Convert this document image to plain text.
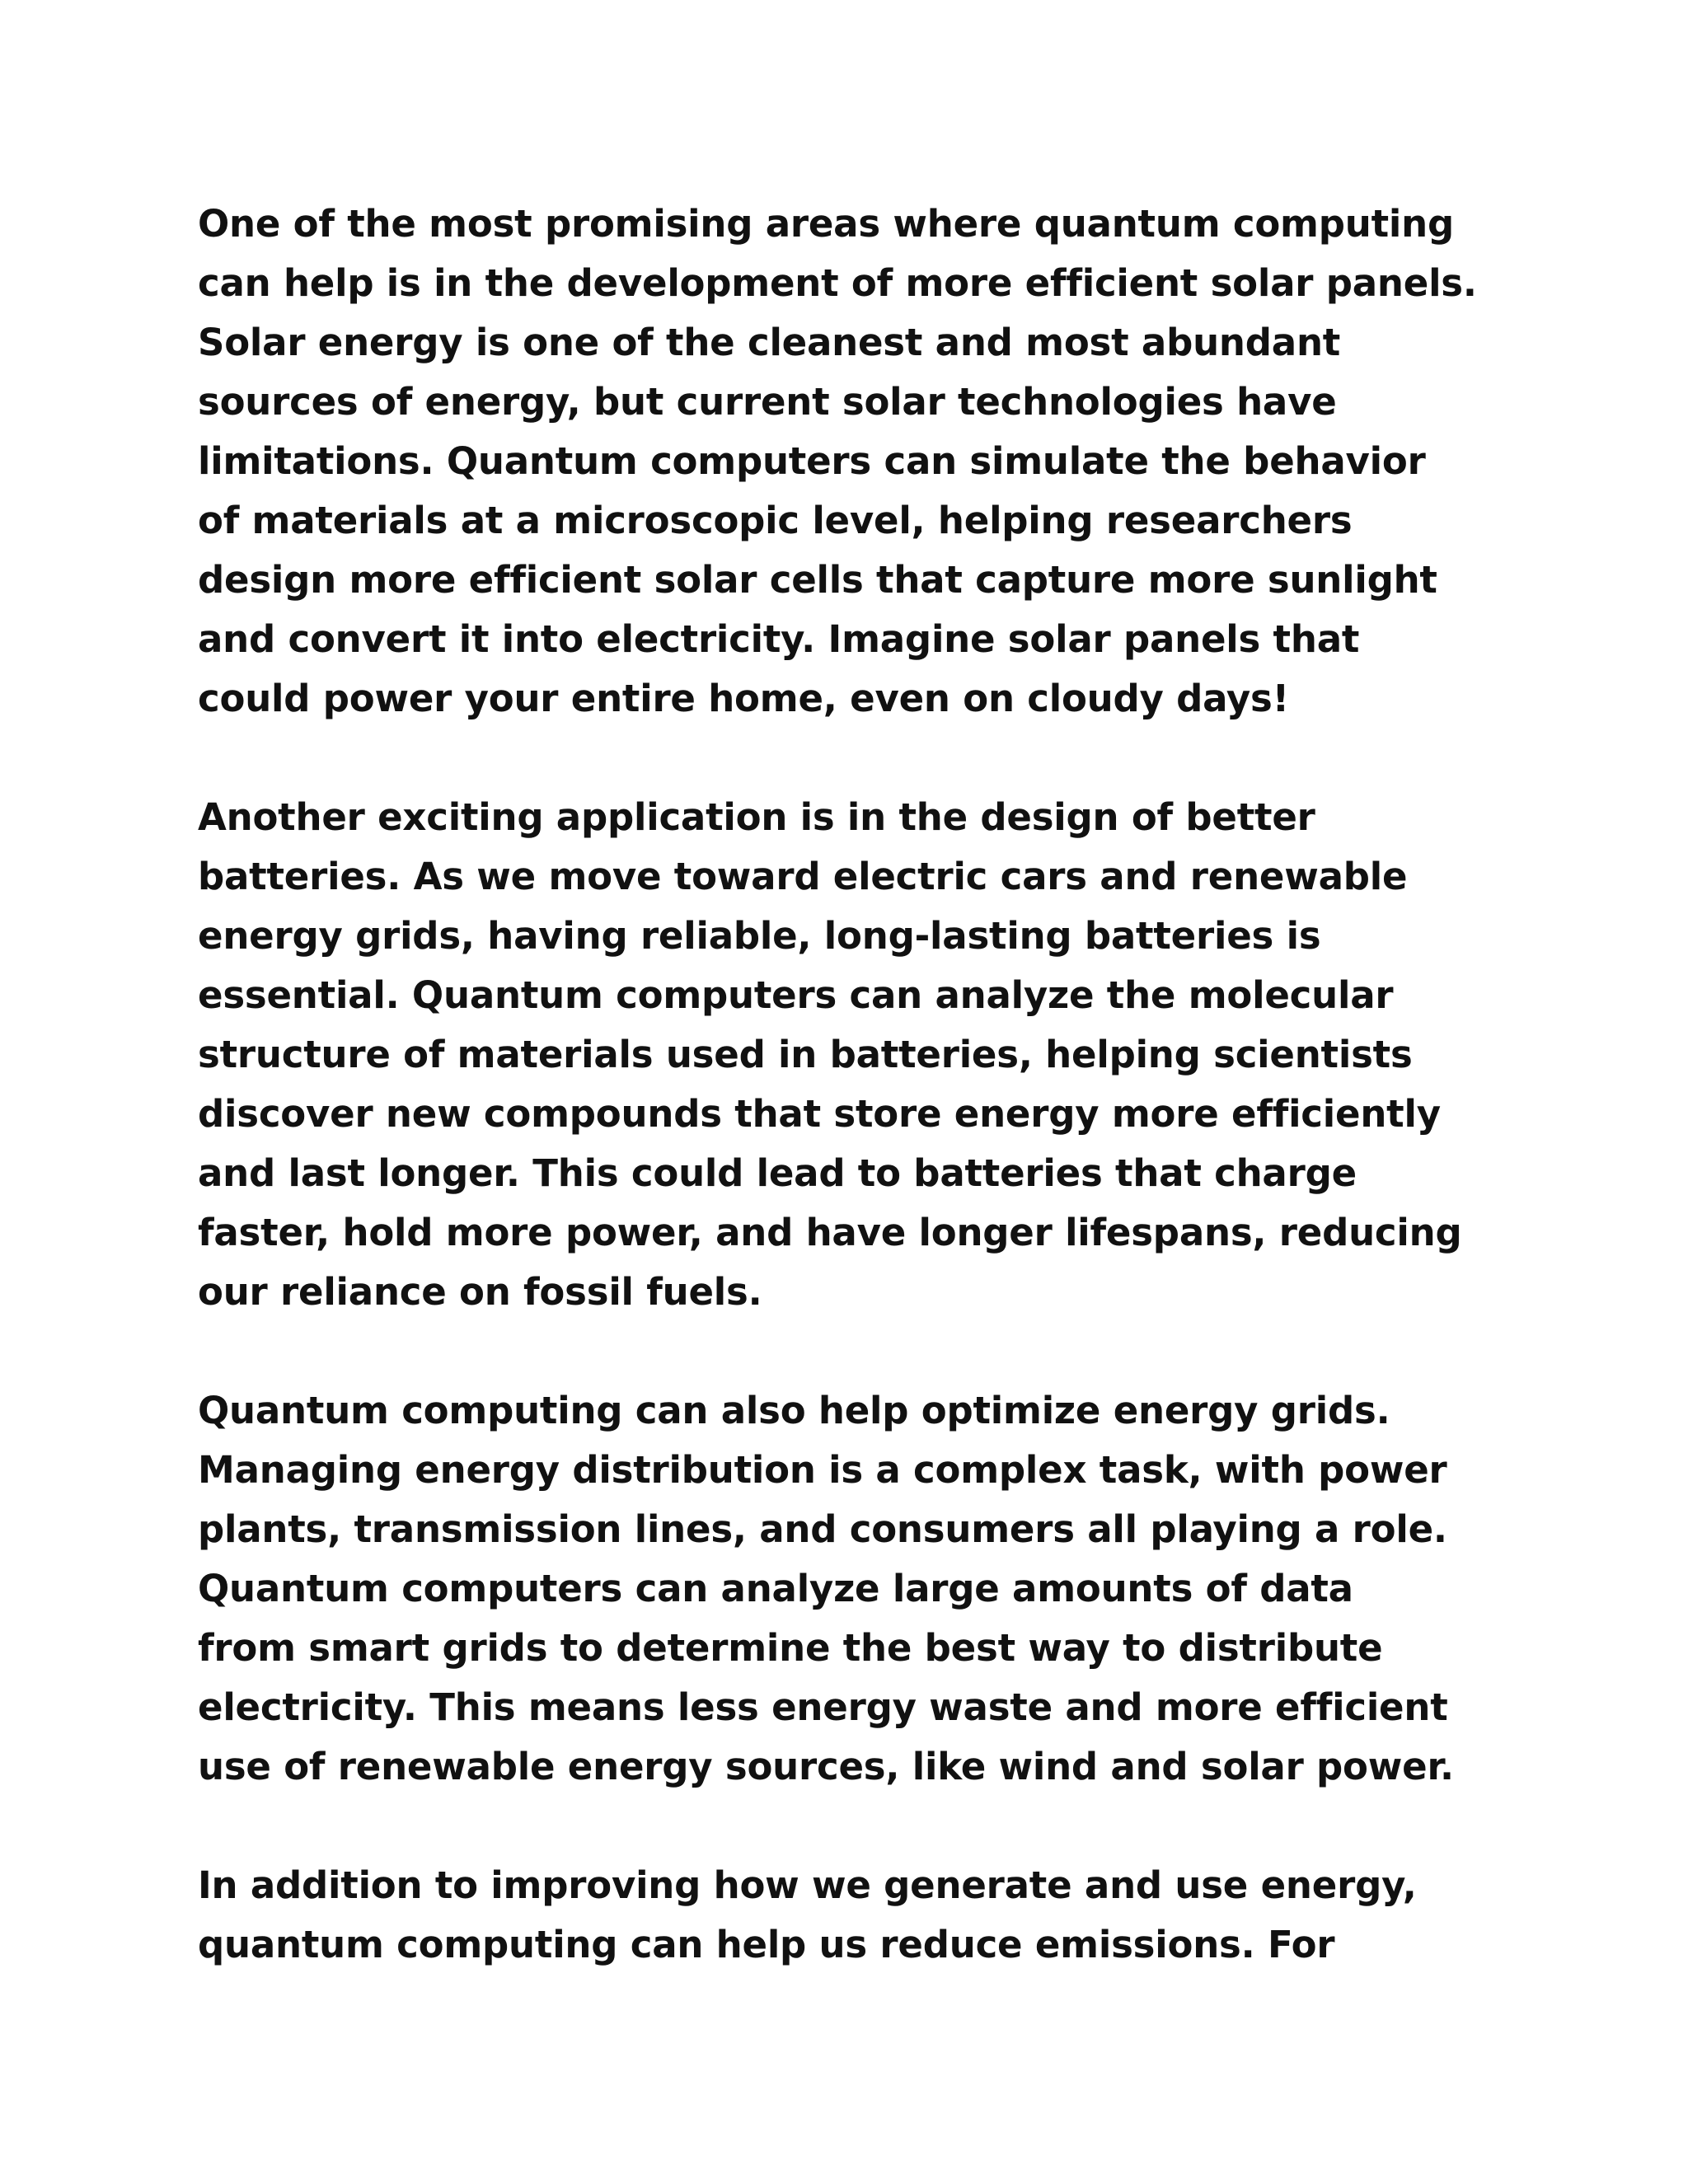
One of the most promising areas where quantum computing
can help is in the development of more efficient solar panels.
Solar energy is one of the cleanest and most abundant
sources of energy, but current solar technologies have
limitations. Quantum computers can simulate the behavior
of materials at a microscopic level, helping researchers
design more efficient solar cells that capture more sunlight
and convert it into electricity. Imagine solar panels that
could power your entire home, even on cloudy days!

Another exciting application is in the design of better
batteries. As we move toward electric cars and renewable
energy grids, having reliable, long-lasting batteries is
essential. Quantum computers can analyze the molecular
structure of materials used in batteries, helping scientists
discover new compounds that store energy more efficiently
and last longer. This could lead to batteries that charge
faster, hold more power, and have longer lifespans, reducing
our reliance on fossil fuels.

Quantum computing can also help optimize energy grids.
Managing energy distribution is a complex task, with power
plants, transmission lines, and consumers all playing a role.
Quantum computers can analyze large amounts of data
from smart grids to determine the best way to distribute
electricity. This means less energy waste and more efficient
use of renewable energy sources, like wind and solar power.

In addition to improving how we generate and use energy,
quantum computing can help us reduce emissions. For
